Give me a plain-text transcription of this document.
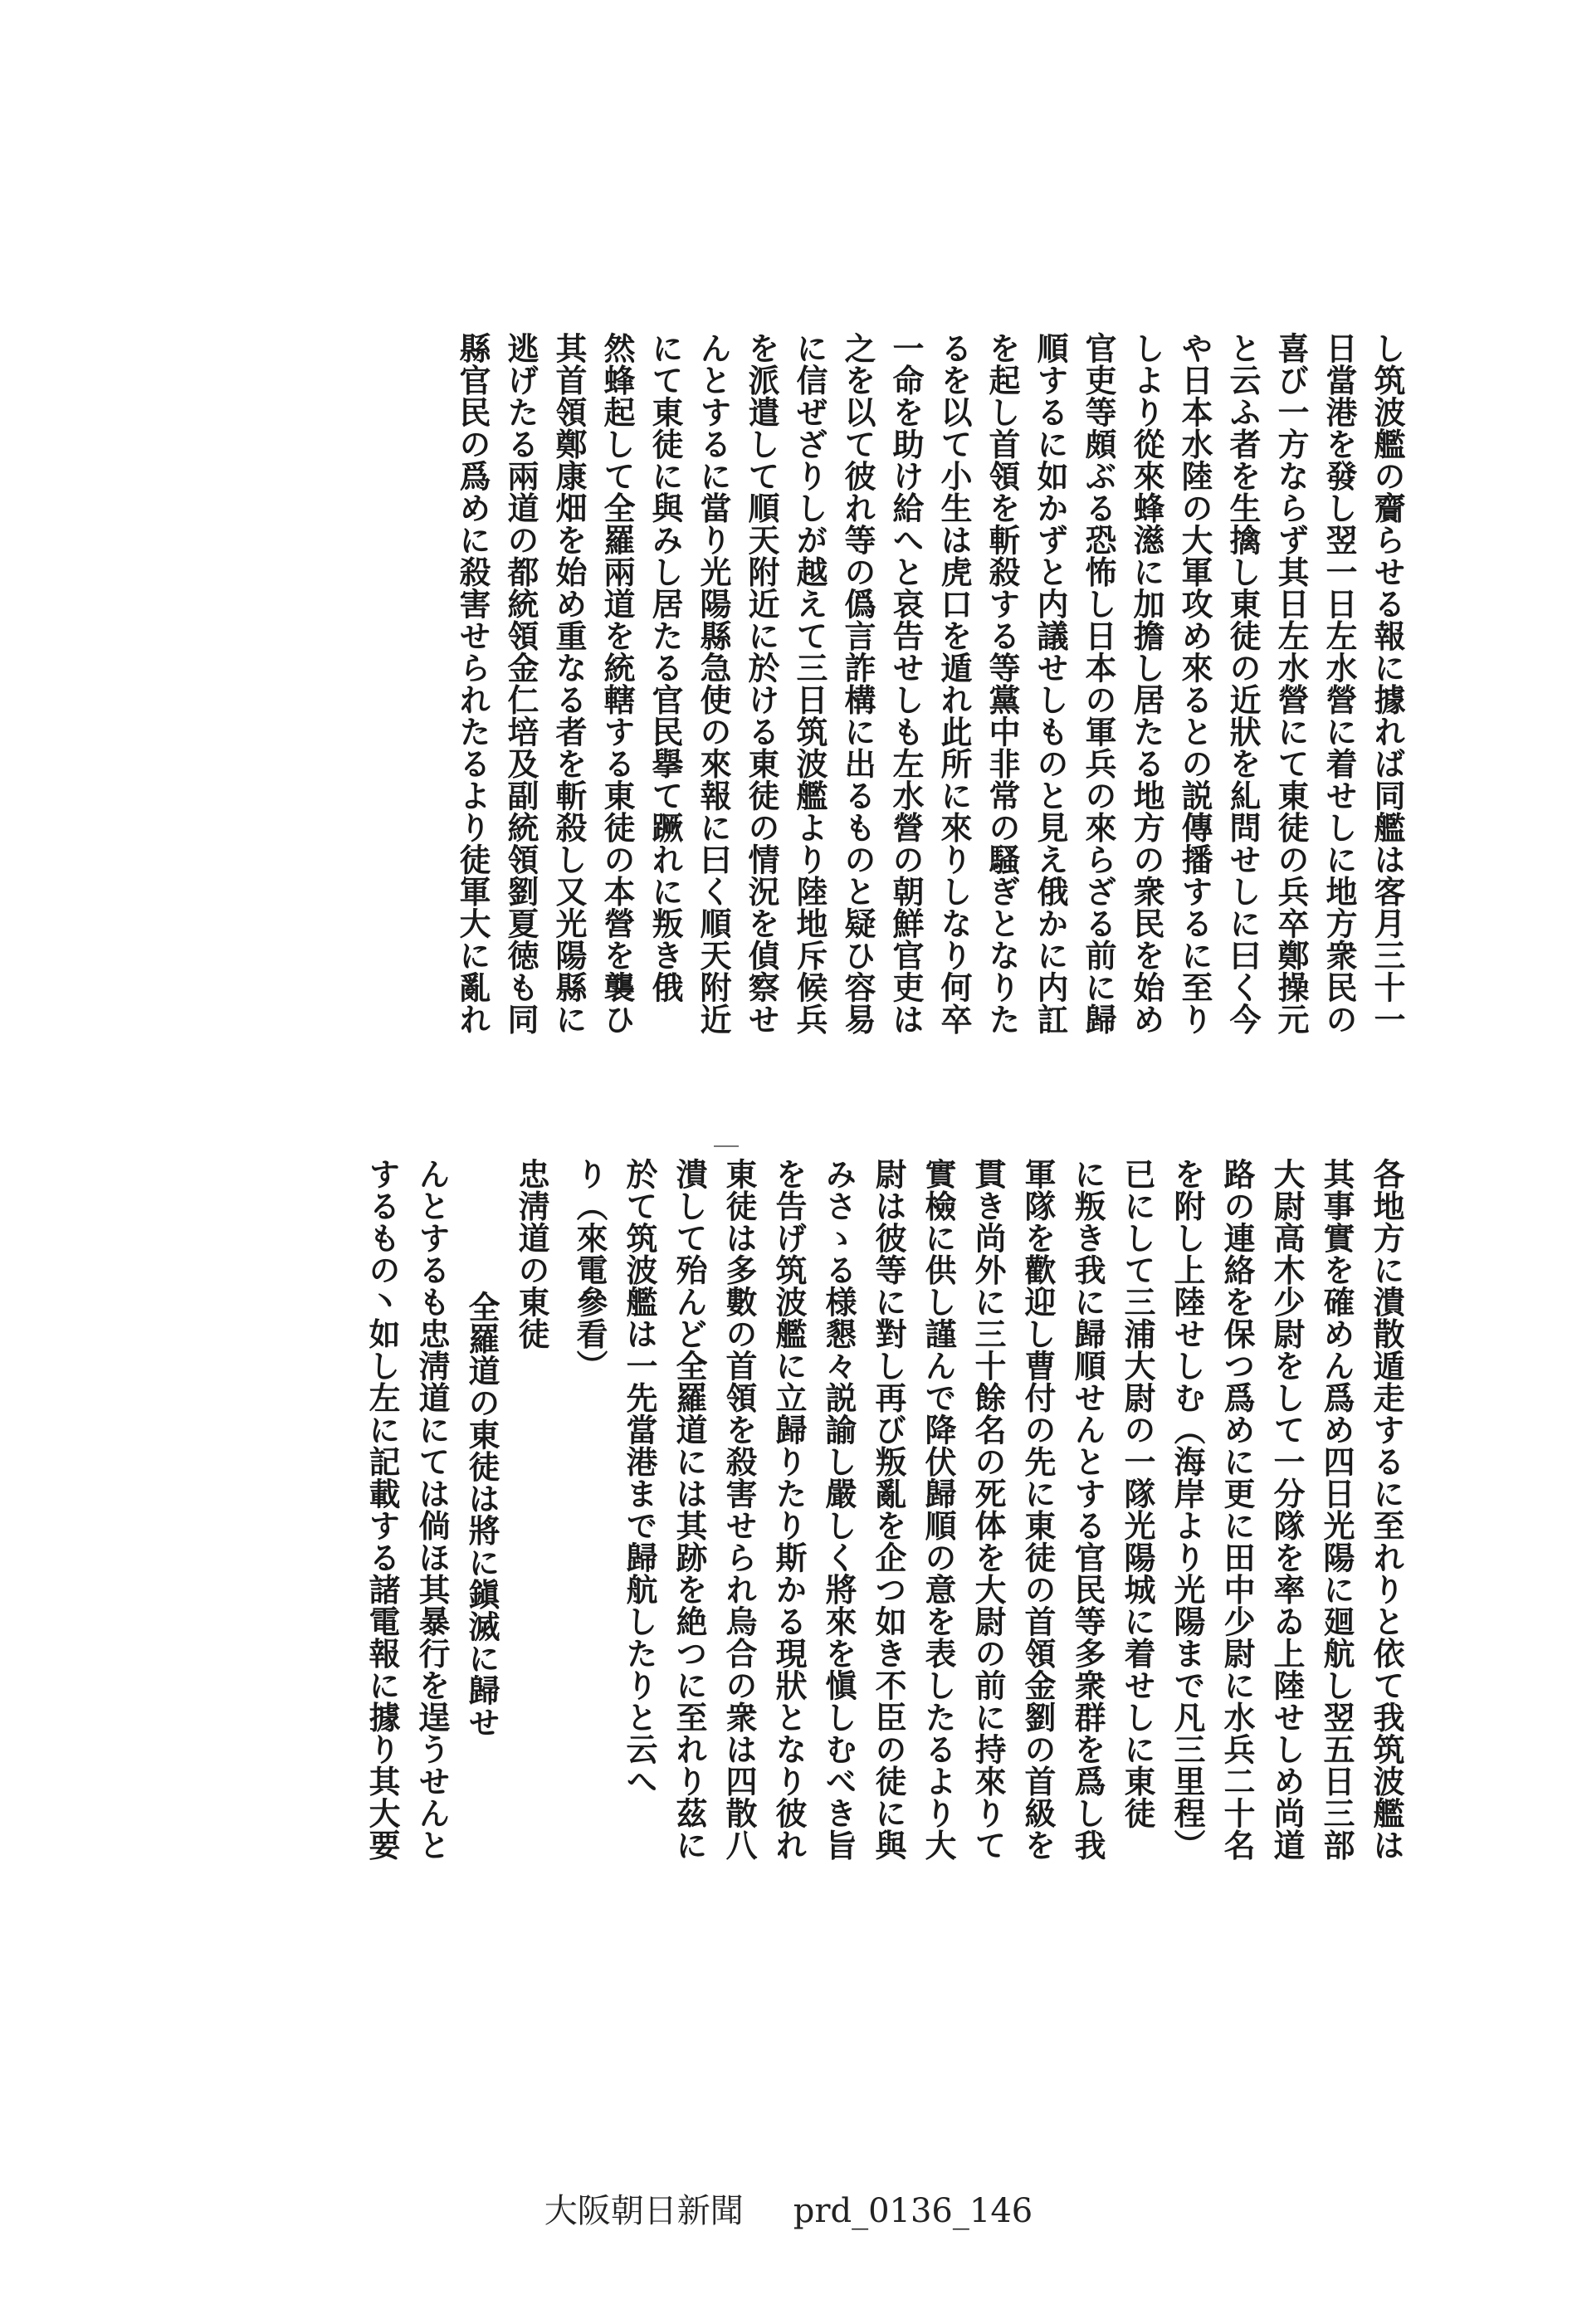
し筑波艦の齎らせる報に據れば同艦は客月三十一

日當港を發し翌一日左水營に着せしに地方衆民の

喜び一方ならず其日左水營にて東徒の兵卒鄭操元

と云ふ者を生擒し東徒の近狀を糺問せしに曰く今

や日本水陸の大軍攻め來るとの説傳播するに至り

しより從來蜂濨に加擔し居たる地方の衆民を始め

官吏等頗ぶる恐怖し日本の軍兵の來らざる前に歸

順するに如かずと内議せしものと見え俄かに内訌

を起し首領を斬殺する等黨中非常の騷ぎとなりた

るを以て小生は虎口を遁れ此所に來りしなり何卒

一命を助け給へと哀告せしも左水營の朝鮮官吏は

之を以て彼れ等の僞言詐構に出るものと疑ひ容易

に信ぜざりしが越えて三日筑波艦より陸地斥候兵

を派遣して順天附近に於ける東徒の情況を偵察せ

んとするに當り光陽縣急使の來報に曰く順天附近

にて東徒に與みし居たる官民擧て蹶れに叛き俄

然蜂起して全羅兩道を統轄する東徒の本營を襲ひ

其首領鄭康畑を始め重なる者を斬殺し又光陽縣に

逃げたる兩道の都統領金仁培及副統領劉夏徳も同

縣官民の爲めに殺害せられたるより徒軍大に亂れ

各地方に潰散遁走するに至れりと依て我筑波艦は

其事實を確めん爲め四日光陽に廻航し翌五日三部

大尉高木少尉をして一分隊を率ゐ上陸せしめ尚道

路の連絡を保つ爲めに更に田中少尉に水兵二十名

を附し上陸せしむ（海岸より光陽まで凡三里程）

已にして三浦大尉の一隊光陽城に着せしに東徒

に叛き我に歸順せんとする官民等多衆群を爲し我

軍隊を歡迎し曹付の先に東徒の首領金劉の首級を

貫き尚外に三十餘名の死体を大尉の前に持來りて

實檢に供し謹んで降伏歸順の意を表したるより大

尉は彼等に對し再び叛亂を企つ如き不臣の徒に與

みさゝる様懇々説諭し嚴しく將來を愼しむべき旨

を告げ筑波艦に立歸りたり斯かる現狀となり彼れ

東徒は多數の首領を殺害せられ烏合の衆は四散八

潰して殆んど全羅道には其跡を絶つに至れり茲に

於て筑波艦は一先當港まで歸航したりと云へ

り（來電參看）

忠淸道の東徒

全羅道の東徒は將に鎭滅に歸せ

んとするも忠淸道にては倘ほ其暴行を逞うせんと

するもの丶如し左に記載する諸電報に據り其大要

大阪朝日新聞 prd_0136_146
